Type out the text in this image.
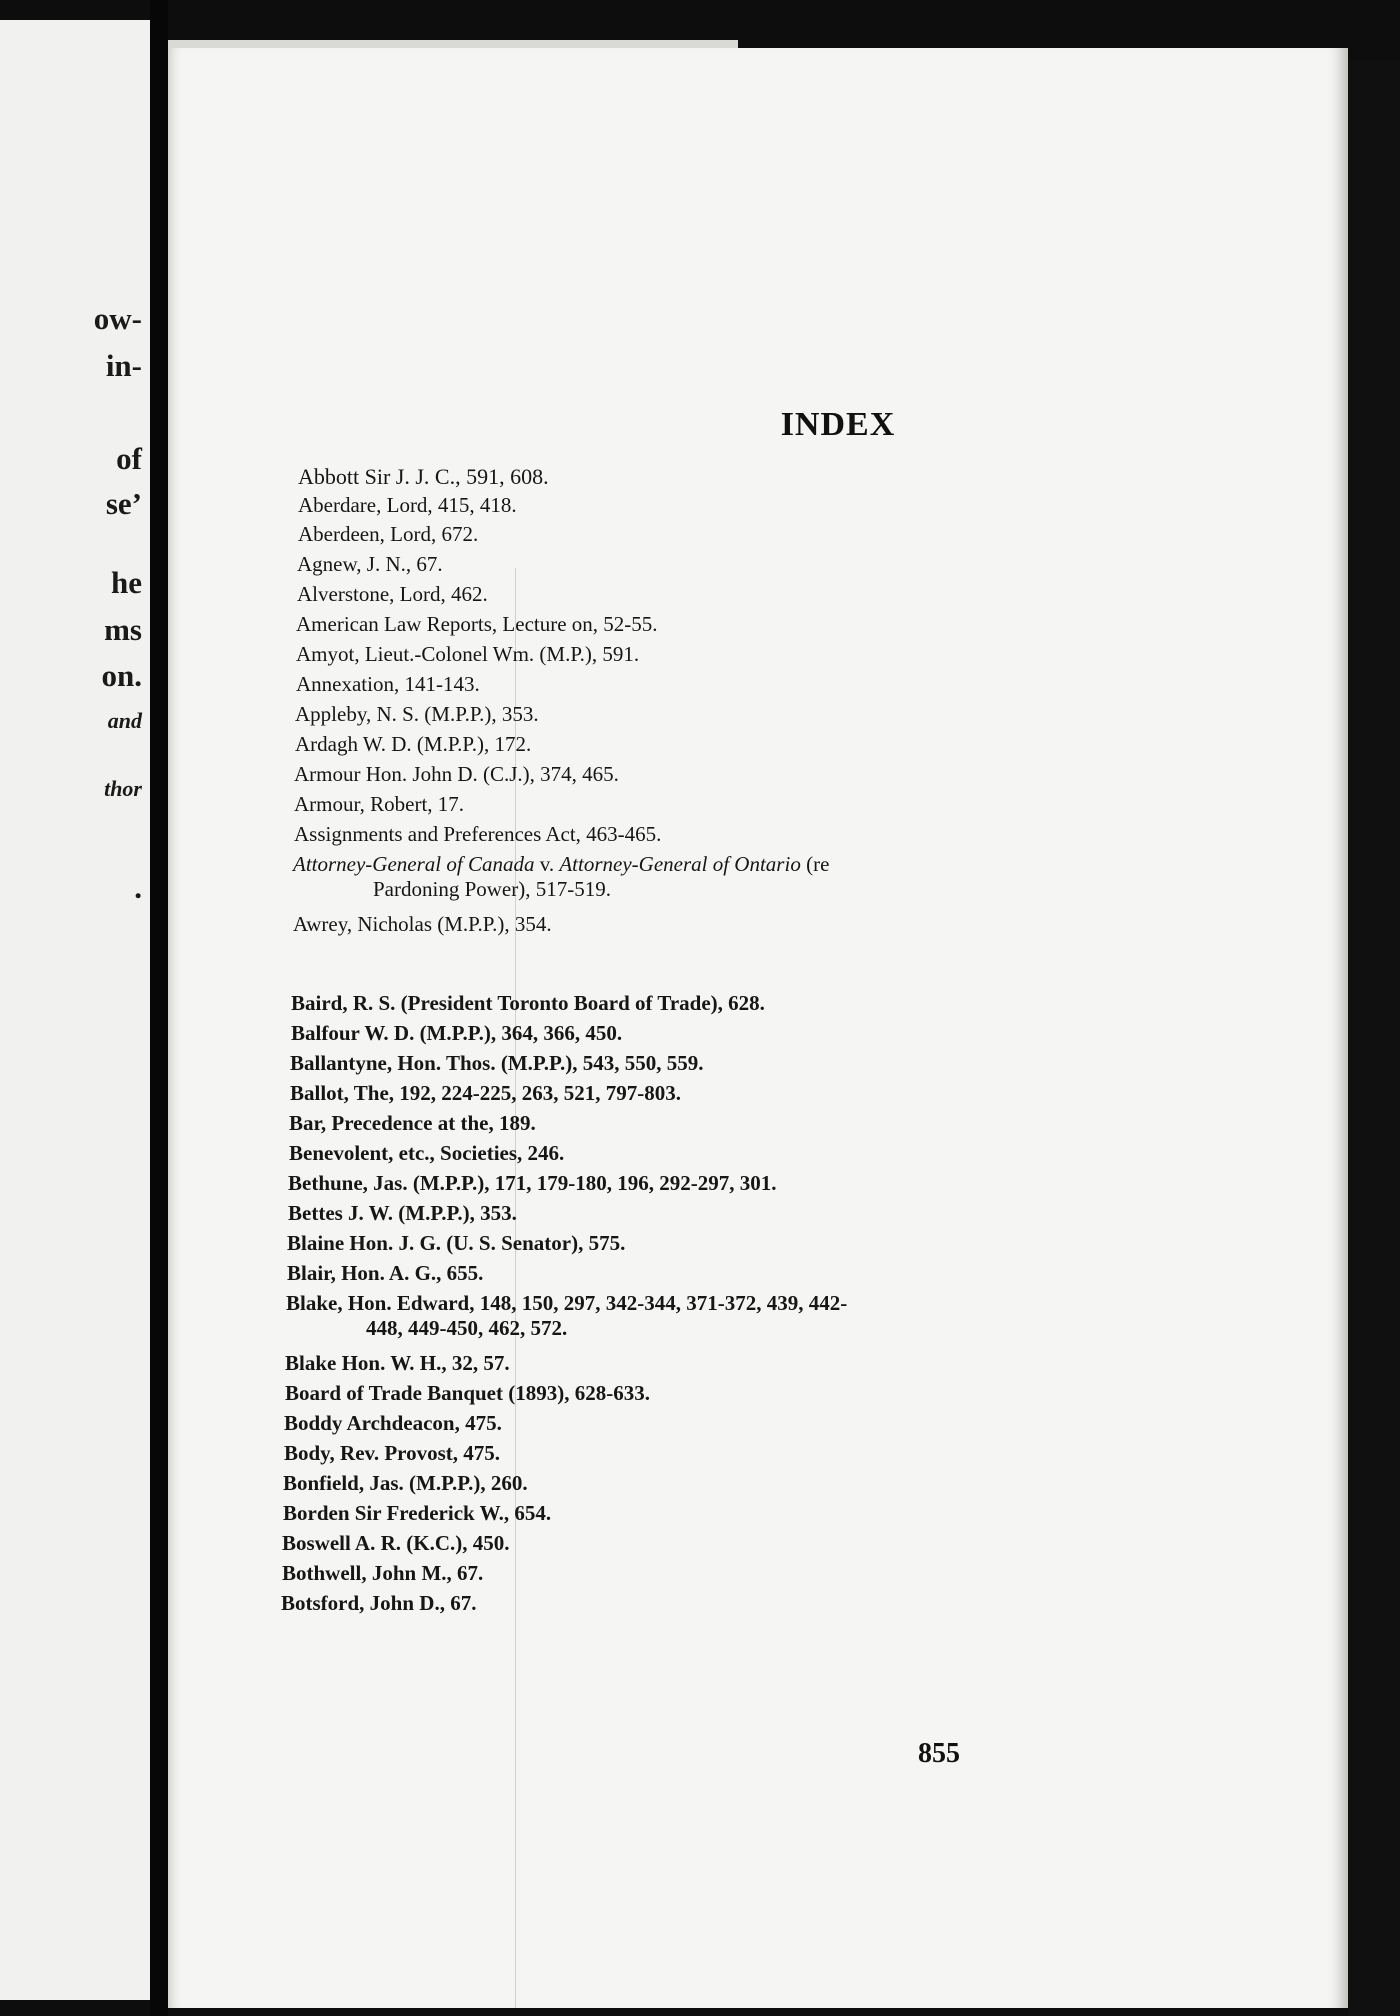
ow-
in-
of
se’
he
ms
on.
and
thor
.
INDEX
Abbott Sir J. J. C., 591, 608.
Aberdare, Lord, 415, 418.
Aberdeen, Lord, 672.
Agnew, J. N., 67.
Alverstone, Lord, 462.
American Law Reports, Lecture on, 52-55.
Amyot, Lieut.-Colonel Wm. (M.P.), 591.
Annexation, 141-143.
Appleby, N. S. (M.P.P.), 353.
Ardagh W. D. (M.P.P.), 172.
Armour Hon. John D. (C.J.), 374, 465.
Armour, Robert, 17.
Assignments and Preferences Act, 463-465.
Attorney-General of Canada v. Attorney-General of Ontario (re
Pardoning Power), 517-519.
Awrey, Nicholas (M.P.P.), 354.
Baird, R. S. (President Toronto Board of Trade), 628.
Balfour W. D. (M.P.P.), 364, 366, 450.
Ballantyne, Hon. Thos. (M.P.P.), 543, 550, 559.
Ballot, The, 192, 224-225, 263, 521, 797-803.
Bar, Precedence at the, 189.
Benevolent, etc., Societies, 246.
Bethune, Jas. (M.P.P.), 171, 179-180, 196, 292-297, 301.
Bettes J. W. (M.P.P.), 353.
Blaine Hon. J. G. (U. S. Senator), 575.
Blair, Hon. A. G., 655.
Blake, Hon. Edward, 148, 150, 297, 342-344, 371-372, 439, 442-
448, 449-450, 462, 572.
Blake Hon. W. H., 32, 57.
Board of Trade Banquet (1893), 628-633.
Boddy Archdeacon, 475.
Body, Rev. Provost, 475.
Bonfield, Jas. (M.P.P.), 260.
Borden Sir Frederick W., 654.
Boswell A. R. (K.C.), 450.
Bothwell, John M., 67.
Botsford, John D., 67.
855
